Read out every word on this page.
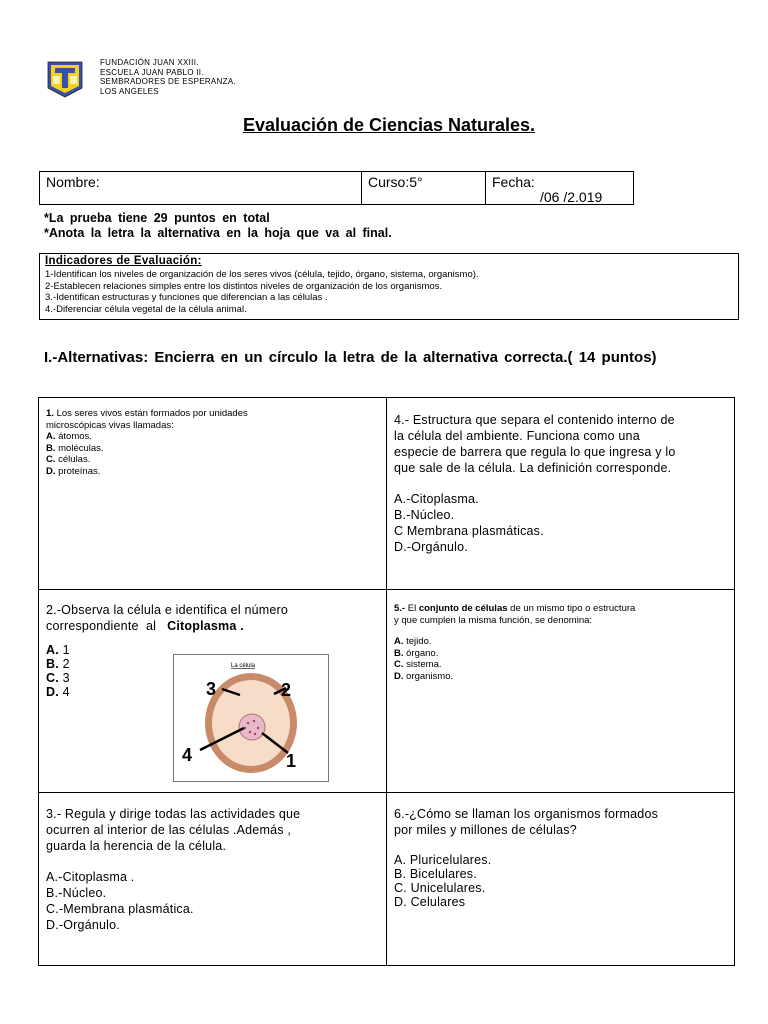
FUNDACIÓN JUAN XXIII.
ESCUELA JUAN PABLO II.
SEMBRADORES DE ESPERANZA.
LOS ANGELES
Evaluación de Ciencias Naturales.
Nombre:	Curso:5°	Fecha:
/06 /2.019
*La prueba tiene 29 puntos en total
*Anota la letra la alternativa en la hoja que va al final.
Indicadores de Evaluación:
1-Identifican los niveles de organización de los seres vivos (célula, tejido, órgano, sistema, organismo).
2-Establecen relaciones simples entre los distintos niveles de organización de los organismos.
3.-Identifican estructuras y funciones que diferencian a las células .
4.-Diferenciar célula vegetal de la célula animal.
I.-Alternativas: Encierra en un círculo la letra de la alternativa correcta.( 14 puntos)
1. Los seres vivos están formados por unidades
microscópicas vivas llamadas:
A. átomos.
B. moléculas.
C. células.
D. proteínas.
4.- Estructura que separa el contenido interno de
la célula del ambiente. Funciona como una
especie de barrera que regula lo que ingresa y lo
que sale de la célula. La definición corresponde.
A.-Citoplasma.
B.-Núcleo.
C Membrana plasmáticas.
D.-Orgánulo.
2.-Observa la célula e identifica el número
correspondiente  al   Citoplasma .
A. 1
B. 2
C. 3
D. 4
La célula
3	2
4	1
5.- El conjunto de células de un mismo tipo o estructura
y que cumplen la misma función, se denomina:
A. tejido.
B. órgano.
C. sistema.
D. organismo.
3.- Regula y dirige todas las actividades que
ocurren al interior de las células .Además ,
guarda la herencia de la célula.
A.-Citoplasma .
B.-Núcleo.
C.-Membrana plasmática.
D.-Orgánulo.
6.-¿Cómo se llaman los organismos formados
por miles y millones de células?
A. Pluricelulares.
B. Bicelulares.
C. Unicelulares.
D. Celulares
